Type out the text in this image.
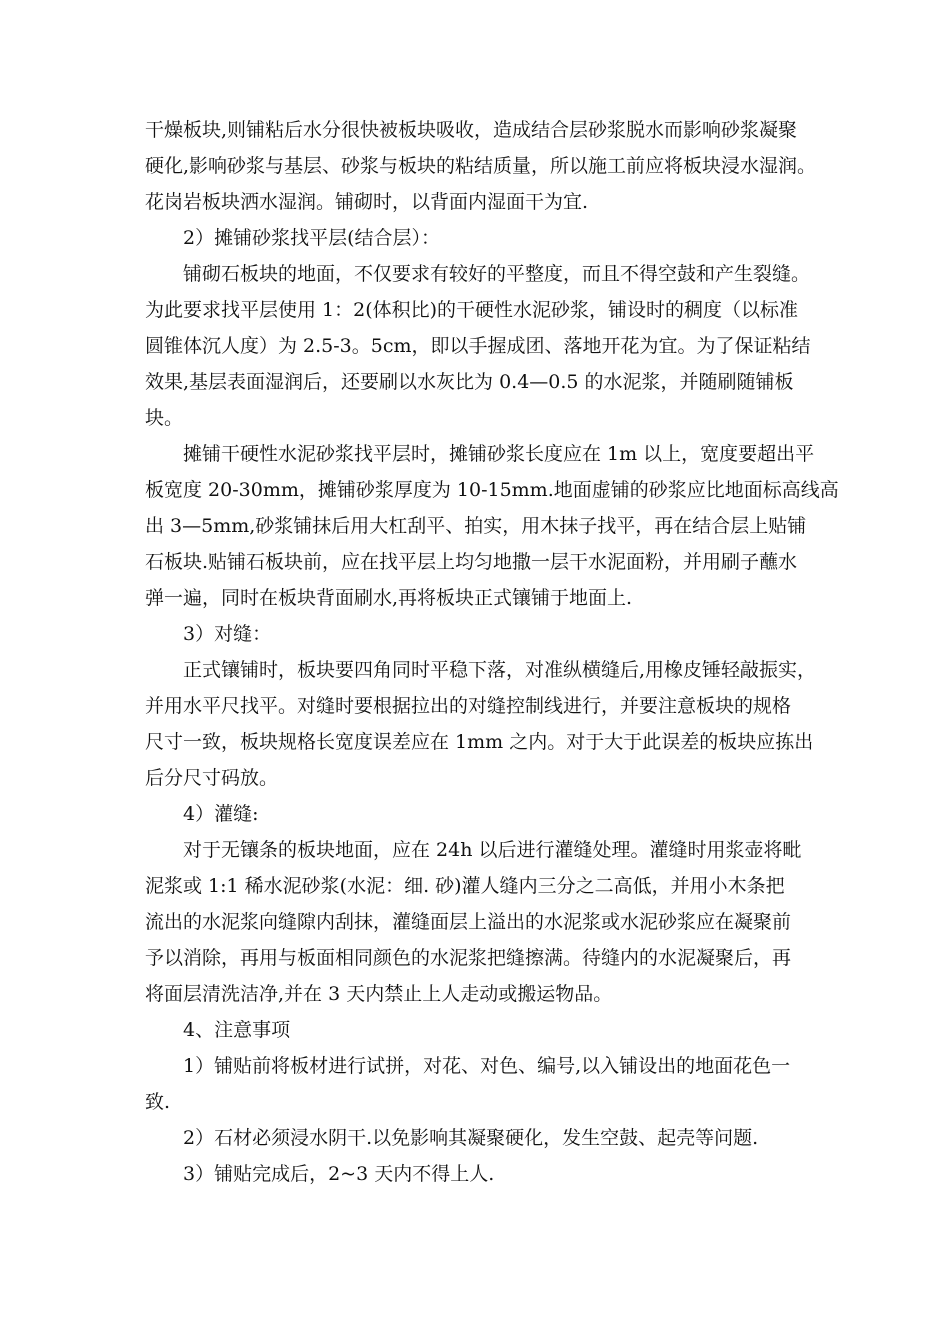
干燥板块,则铺粘后水分很快被板块吸收，造成结合层砂浆脱水而影响砂浆凝聚
硬化,影响砂浆与基层、砂浆与板块的粘结质量，所以施工前应将板块浸水湿润。
花岗岩板块洒水湿润。铺砌时，以背面内湿面干为宜.
2）摊铺砂浆找平层(结合层）：
铺砌石板块的地面，不仅要求有较好的平整度，而且不得空鼓和产生裂缝。
为此要求找平层使用 1：2(体积比)的干硬性水泥砂浆，铺设时的稠度（以标准
圆锥体沉人度）为 2.5-3。5cm，即以手握成团、落地开花为宜。为了保证粘结
效果,基层表面湿润后，还要刷以水灰比为 0.4—0.5 的水泥浆，并随刷随铺板
块。
摊铺干硬性水泥砂浆找平层时，摊铺砂浆长度应在 1m 以上，宽度要超出平
板宽度 20-30mm，摊铺砂浆厚度为 10-15mm.地面虚铺的砂浆应比地面标高线高
出 3—5mm,砂浆铺抹后用大杠刮平、拍实，用木抹子找平，再在结合层上贴铺
石板块.贴铺石板块前，应在找平层上均匀地撒一层干水泥面粉，并用刷子蘸水
弹一遍，同时在板块背面刷水,再将板块正式镶铺于地面上.
3）对缝：
正式镶铺时，板块要四角同时平稳下落，对准纵横缝后,用橡皮锤轻敲振实，
并用水平尺找平。对缝时要根据拉出的对缝控制线进行，并要注意板块的规格
尺寸一致，板块规格长宽度误差应在 1mm 之内。对于大于此误差的板块应拣出
后分尺寸码放。
4）灌缝:
对于无镶条的板块地面，应在 24h 以后进行灌缝处理。灌缝时用浆壶将毗
泥浆或 1:1 稀水泥砂浆(水泥：细. 砂)灌人缝内三分之二高低，并用小木条把
流出的水泥浆向缝隙内刮抹，灌缝面层上溢出的水泥浆或水泥砂浆应在凝聚前
予以消除，再用与板面相同颜色的水泥浆把缝擦满。待缝内的水泥凝聚后，再
将面层清洗洁净,并在 3 天内禁止上人走动或搬运物品。
4、注意事项
1）铺贴前将板材进行试拼，对花、对色、编号,以入铺设出的地面花色一
致.
2）石材必须浸水阴干.以免影响其凝聚硬化，发生空鼓、起壳等问题.
3）铺贴完成后，2~3 天内不得上人.
